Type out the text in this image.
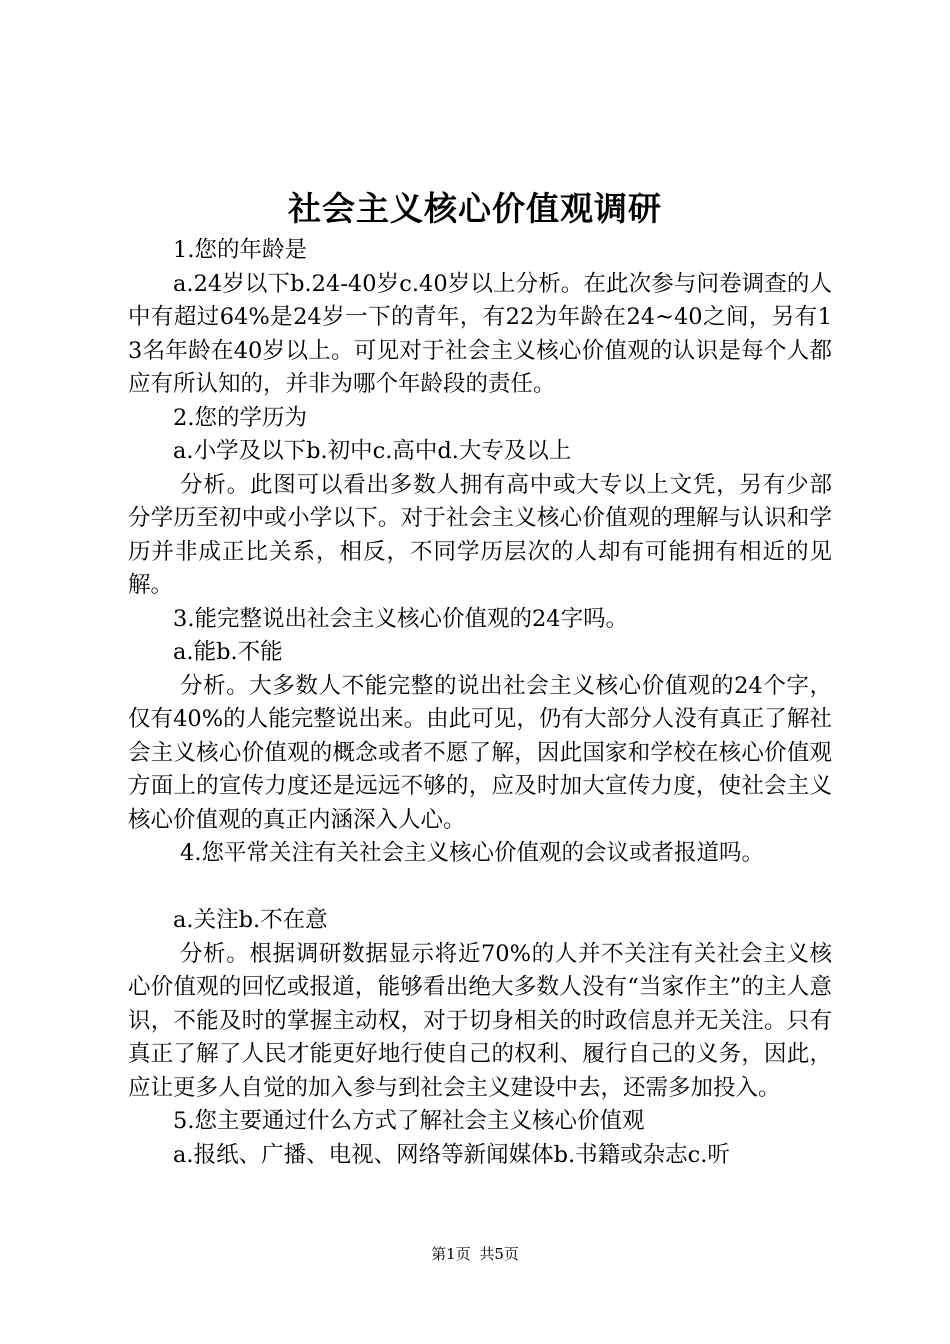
社会主义核心价值观调研

1.您的年龄是

a.24岁以下b.24-40岁c.40岁以上分析。在此次参与问卷调查的人中有超过64%是24岁一下的青年，有22为年龄在24~40之间，另有13名年龄在40岁以上。可见对于社会主义核心价值观的认识是每个人都应有所认知的，并非为哪个年龄段的责任。

2.您的学历为

a.小学及以下b.初中c.高中d.大专及以上

分析。此图可以看出多数人拥有高中或大专以上文凭，另有少部分学历至初中或小学以下。对于社会主义核心价值观的理解与认识和学历并非成正比关系，相反，不同学历层次的人却有可能拥有相近的见解。

3.能完整说出社会主义核心价值观的24字吗。

a.能b.不能

分析。大多数人不能完整的说出社会主义核心价值观的24个字，仅有40%的人能完整说出来。由此可见，仍有大部分人没有真正了解社会主义核心价值观的概念或者不愿了解，因此国家和学校在核心价值观方面上的宣传力度还是远远不够的，应及时加大宣传力度，使社会主义核心价值观的真正内涵深入人心。

4.您平常关注有关社会主义核心价值观的会议或者报道吗。

a.关注b.不在意

分析。根据调研数据显示将近70%的人并不关注有关社会主义核心价值观的回忆或报道，能够看出绝大多数人没有“当家作主”的主人意识，不能及时的掌握主动权，对于切身相关的时政信息并无关注。只有真正了解了人民才能更好地行使自己的权利、履行自己的义务，因此，应让更多人自觉的加入参与到社会主义建设中去，还需多加投入。

5.您主要通过什么方式了解社会主义核心价值观

a.报纸、广播、电视、网络等新闻媒体b.书籍或杂志c.听

第1页 共5页
